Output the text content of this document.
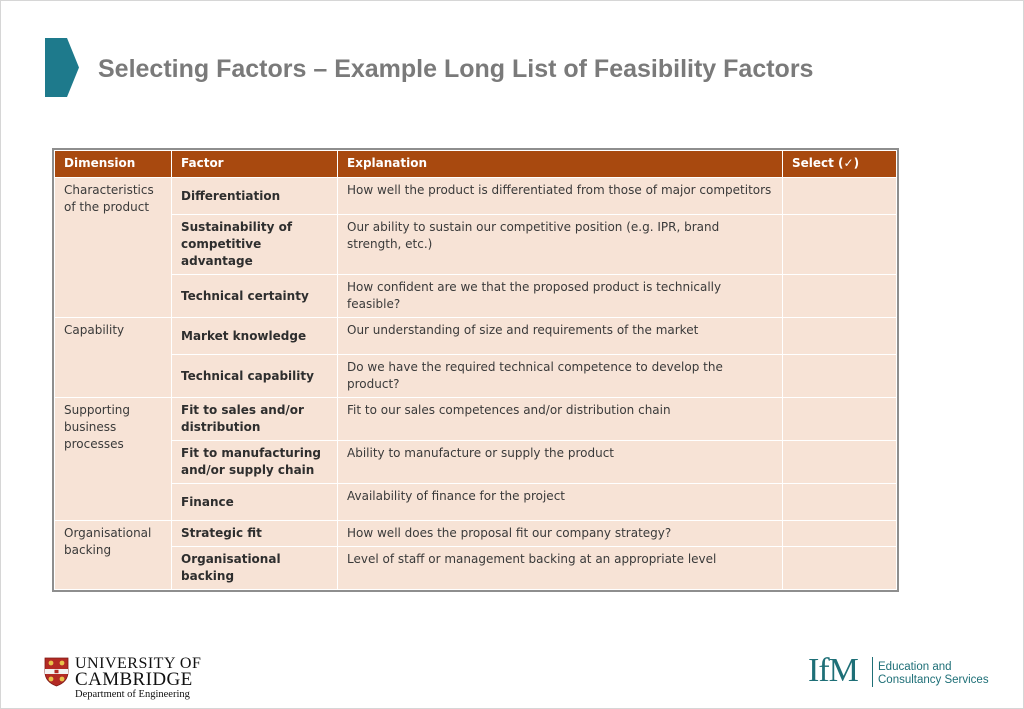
Selecting Factors – Example Long List of Feasibility Factors
Dimension	Factor	Explanation	Select (✓)
Characteristics of the product	Differentiation	How well the product is differentiated from those of major competitors	
	Sustainability of competitive advantage	Our ability to sustain our competitive position (e.g. IPR, brand strength, etc.)	
	Technical certainty	How confident are we that the proposed product is technically feasible?	
Capability	Market knowledge	Our understanding of size and requirements of the market	
	Technical capability	Do we have the required technical competence to develop the product?	
Supporting business processes	Fit to sales and/or distribution	Fit to our sales competences and/or distribution chain	
	Fit to manufacturing and/or supply chain	Ability to manufacture or supply the product	
	Finance	Availability of finance for the project	
Organisational backing	Strategic fit	How well does the proposal fit our company strategy?	
	Organisational backing	Level of staff or management backing at an appropriate level	
UNIVERSITY OF
CAMBRIDGE
Department of Engineering
IfM Education and
Consultancy Services
